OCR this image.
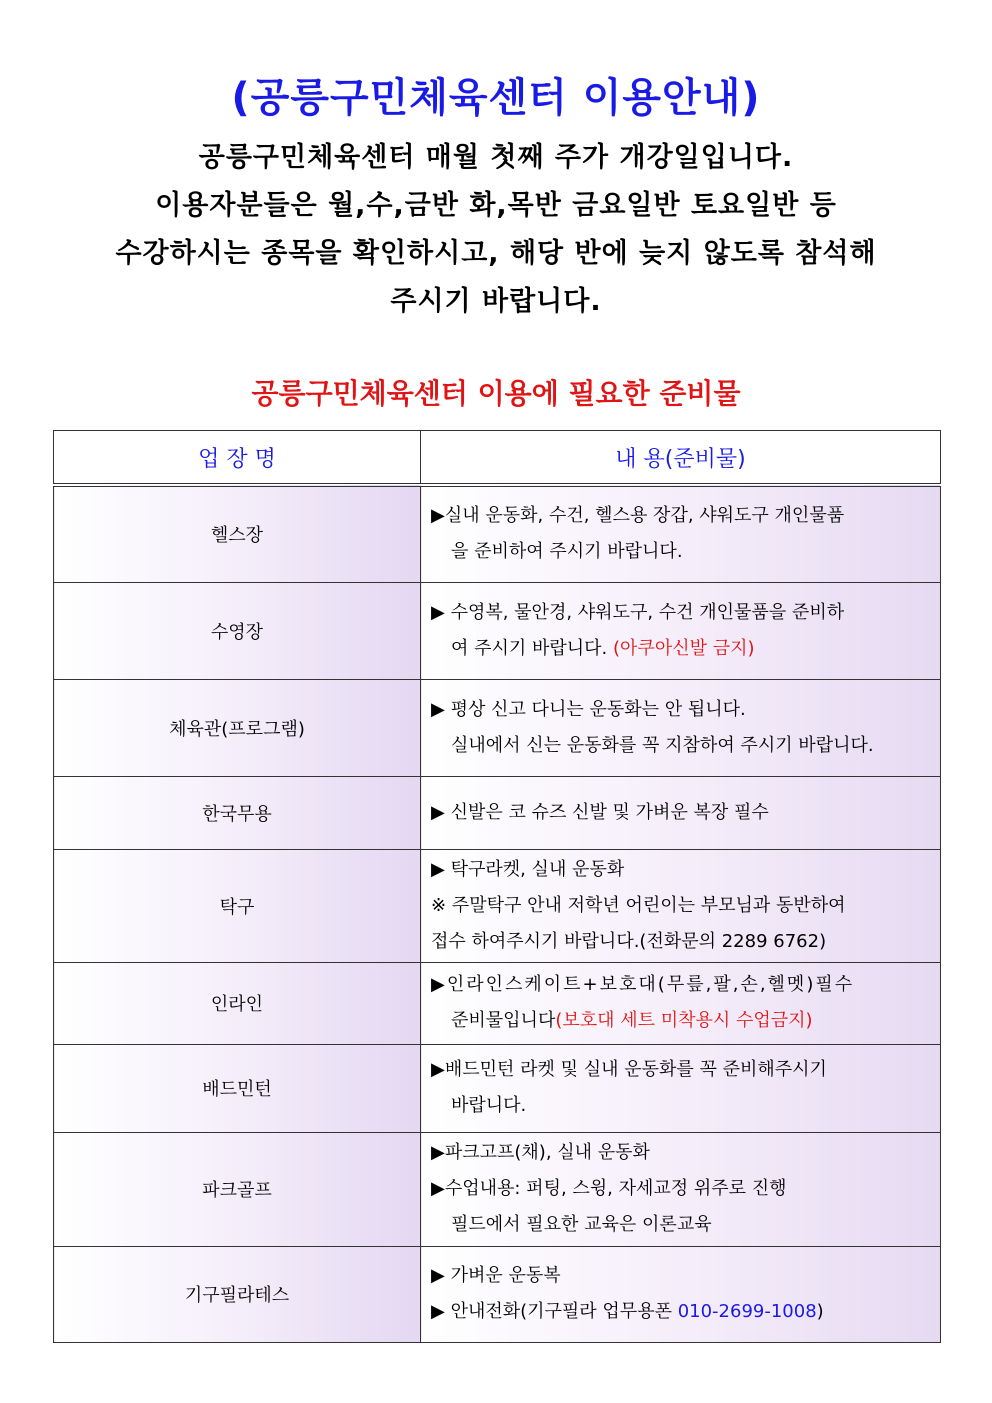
(공릉구민체육센터 이용안내)
공릉구민체육센터 매월 첫째 주가 개강일입니다.
이용자분들은 월,수,금반 화,목반 금요일반 토요일반 등
수강하시는 종목을 확인하시고, 해당 반에 늦지 않도록 참석해
주시기 바랍니다.
공릉구민체육센터 이용에 필요한 준비물
업 장 명	내 용(준비물)
헬스장	▶실내 운동화, 수건, 헬스용 장갑, 샤워도구 개인물품
을 준비하여 주시기 바랍니다.

수영장	▶ 수영복, 물안경, 샤워도구, 수건 개인물품을 준비하
여 주시기 바랍니다. (아쿠아신발 금지)

체육관(프로그램)	▶ 평상 신고 다니는 운동화는 안 됩니다.
실내에서 신는 운동화를 꼭 지참하여 주시기 바랍니다.

한국무용	▶ 신발은 코 슈즈 신발 및 가벼운 복장 필수

탁구	▶ 탁구라켓, 실내 운동화
※ 주말탁구 안내 저학년 어린이는 부모님과 동반하여
접수 하여주시기 바랍니다.(전화문의 2289 6762)

인라인	▶인라인스케이트+보호대(무릎,팔,손,헬멧)필수
준비물입니다(보호대 세트 미착용시 수업금지)

배드민턴	▶배드민턴 라켓 및 실내 운동화를 꼭 준비해주시기
바랍니다.

파크골프	▶파크고프(채), 실내 운동화
▶수업내용: 퍼팅, 스윙, 자세교정 위주로 진행
필드에서 필요한 교육은 이론교육

기구필라테스	▶ 가벼운 운동복
▶ 안내전화(기구필라 업무용폰 010-2699-1008)
